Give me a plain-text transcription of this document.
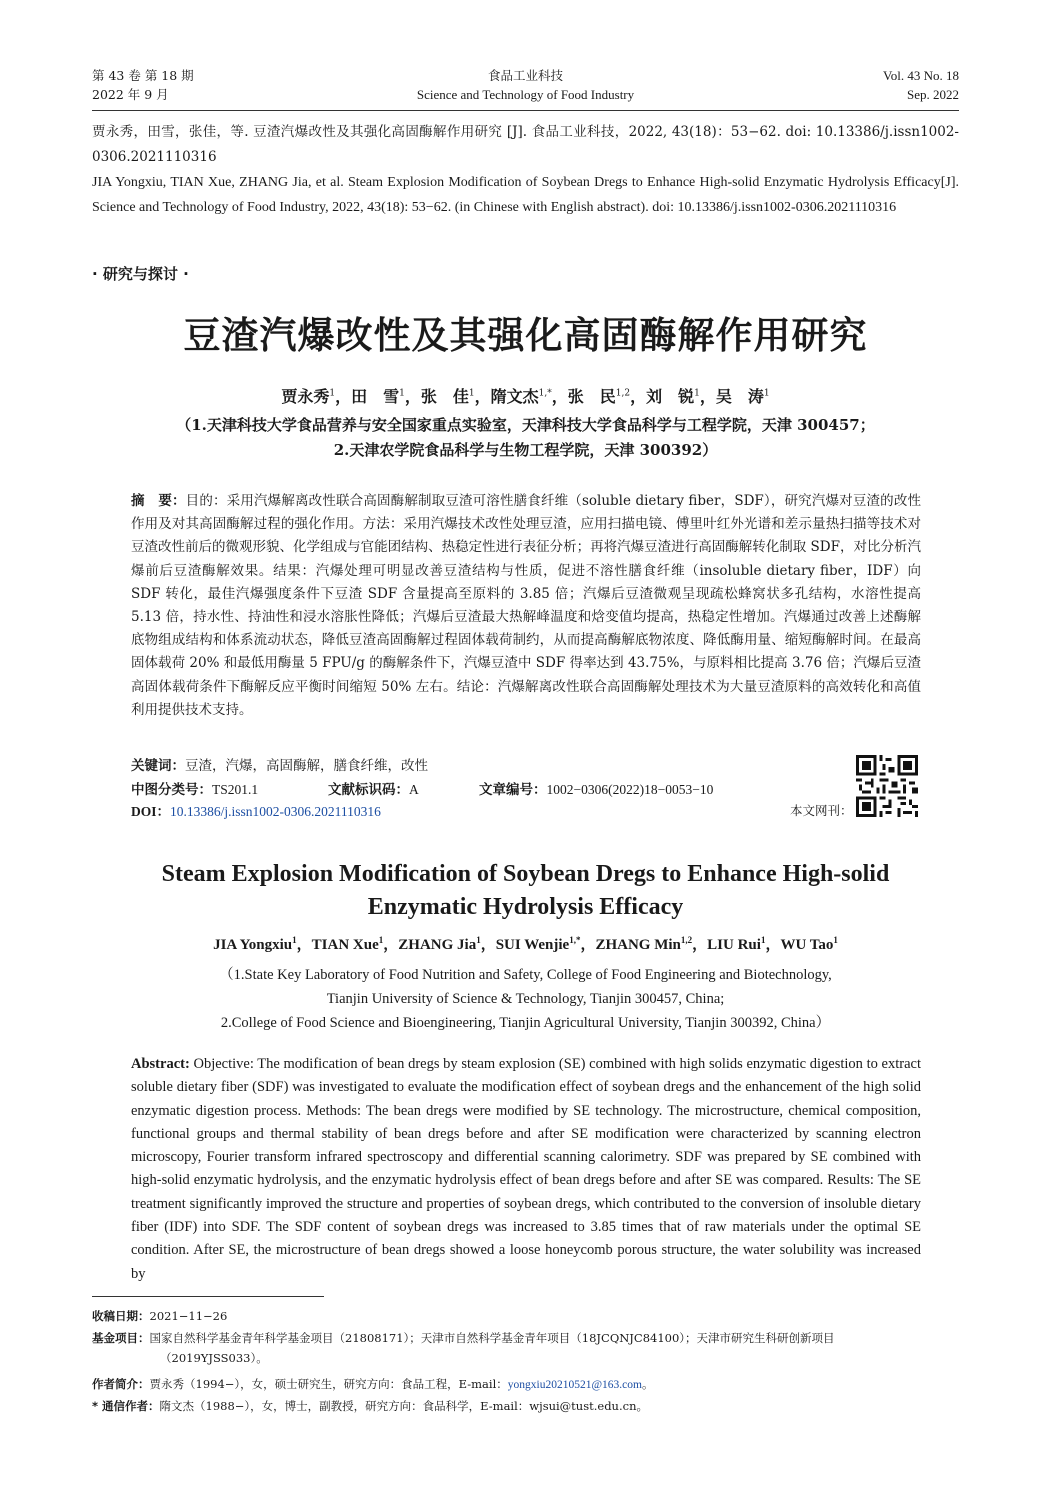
第 43 卷 第 18 期
2022 年 9 月
食品工业科技
Science and Technology of Food Industry
Vol. 43 No. 18
Sep. 2022

贾永秀，田雪，张佳，等. 豆渣汽爆改性及其强化高固酶解作用研究 [J]. 食品工业科技，2022, 43(18)：53−62. doi: 10.13386/j.issn1002-0306.2021110316

JIA Yongxiu, TIAN Xue, ZHANG Jia, et al. Steam Explosion Modification of Soybean Dregs to Enhance High-solid Enzymatic Hydrolysis Efficacy[J]. Science and Technology of Food Industry, 2022, 43(18): 53−62. (in Chinese with English abstract). doi: 10.13386/j.issn1002-0306.2021110316

· 研究与探讨 ·
豆渣汽爆改性及其强化高固酶解作用研究
贾永秀$^1$，田　雪$^1$，张　佳$^1$，隋文杰$^{1,*}$，张　民$^{1,2}$，刘　锐$^1$，吴　涛$^1$
（1.天津科技大学食品营养与安全国家重点实验室，天津科技大学食品科学与工程学院，天津 300457；
2.天津农学院食品科学与生物工程学院，天津 300392）
摘　要：目的：采用汽爆解离改性联合高固酶解制取豆渣可溶性膳食纤维（soluble dietary fiber，SDF），研究汽爆对豆渣的改性作用及对其高固酶解过程的强化作用。方法：采用汽爆技术改性处理豆渣，应用扫描电镜、傅里叶红外光谱和差示量热扫描等技术对豆渣改性前后的微观形貌、化学组成与官能团结构、热稳定性进行表征分析；再将汽爆豆渣进行高固酶解转化制取 SDF，对比分析汽爆前后豆渣酶解效果。结果：汽爆处理可明显改善豆渣结构与性质，促进不溶性膳食纤维（insoluble dietary fiber，IDF）向 SDF 转化，最佳汽爆强度条件下豆渣 SDF 含量提高至原料的 3.85 倍；汽爆后豆渣微观呈现疏松蜂窝状多孔结构，水溶性提高 5.13 倍，持水性、持油性和浸水溶胀性降低；汽爆后豆渣最大热解峰温度和焓变值均提高，热稳定性增加。汽爆通过改善上述酶解底物组成结构和体系流动状态，降低豆渣高固酶解过程固体载荷制约，从而提高酶解底物浓度、降低酶用量、缩短酶解时间。在最高固体载荷 20% 和最低用酶量 5 FPU/g 的酶解条件下，汽爆豆渣中 SDF 得率达到 43.75%，与原料相比提高 3.76 倍；汽爆后豆渣高固体载荷条件下酶解反应平衡时间缩短 50% 左右。结论：汽爆解离改性联合高固酶解处理技术为大量豆渣原料的高效转化和高值利用提供技术支持。
关键词：豆渣，汽爆，高固酶解，膳食纤维，改性
中图分类号：TS201.1	文献标识码：A	文章编号：1002−0306(2022)18−0053−10
DOI：10.13386/j.issn1002-0306.2021110316	本文网刊：
Steam Explosion Modification of Soybean Dregs to Enhance High-solid Enzymatic Hydrolysis Efficacy
JIA Yongxiu$^1$，TIAN Xue$^1$，ZHANG Jia$^1$，SUI Wenjie$^{1,*}$，ZHANG Min$^{1,2}$，LIU Rui$^1$，WU Tao$^1$
（1.State Key Laboratory of Food Nutrition and Safety, College of Food Engineering and Biotechnology,
Tianjin University of Science & Technology, Tianjin 300457, China;
2.College of Food Science and Bioengineering, Tianjin Agricultural University, Tianjin 300392, China）
Abstract: Objective: The modification of bean dregs by steam explosion (SE) combined with high solids enzymatic digestion to extract soluble dietary fiber (SDF) was investigated to evaluate the modification effect of soybean dregs and the enhancement of the high solid enzymatic digestion process. Methods: The bean dregs were modified by SE technology. The microstructure, chemical composition, functional groups and thermal stability of bean dregs before and after SE modification were characterized by scanning electron microscopy, Fourier transform infrared spectroscopy and differential scanning calorimetry. SDF was prepared by SE combined with high-solid enzymatic hydrolysis, and the enzymatic hydrolysis effect of bean dregs before and after SE was compared. Results: The SE treatment significantly improved the structure and properties of soybean dregs, which contributed to the conversion of insoluble dietary fiber (IDF) into SDF. The SDF content of soybean dregs was increased to 3.85 times that of raw materials under the optimal SE condition. After SE, the microstructure of bean dregs showed a loose honeycomb porous structure, the water solubility was increased by
收稿日期：2021−11−26
基金项目：国家自然科学基金青年科学基金项目（21808171）；天津市自然科学基金青年项目（18JCQNJC84100）；天津市研究生科研创新项目
（2019YJSS033）。
作者简介：贾永秀（1994−），女，硕士研究生，研究方向：食品工程，E-mail：yongxiu20210521@163.com。
* 通信作者：隋文杰（1988−），女，博士，副教授，研究方向：食品科学，E-mail：wjsui@tust.edu.cn。
